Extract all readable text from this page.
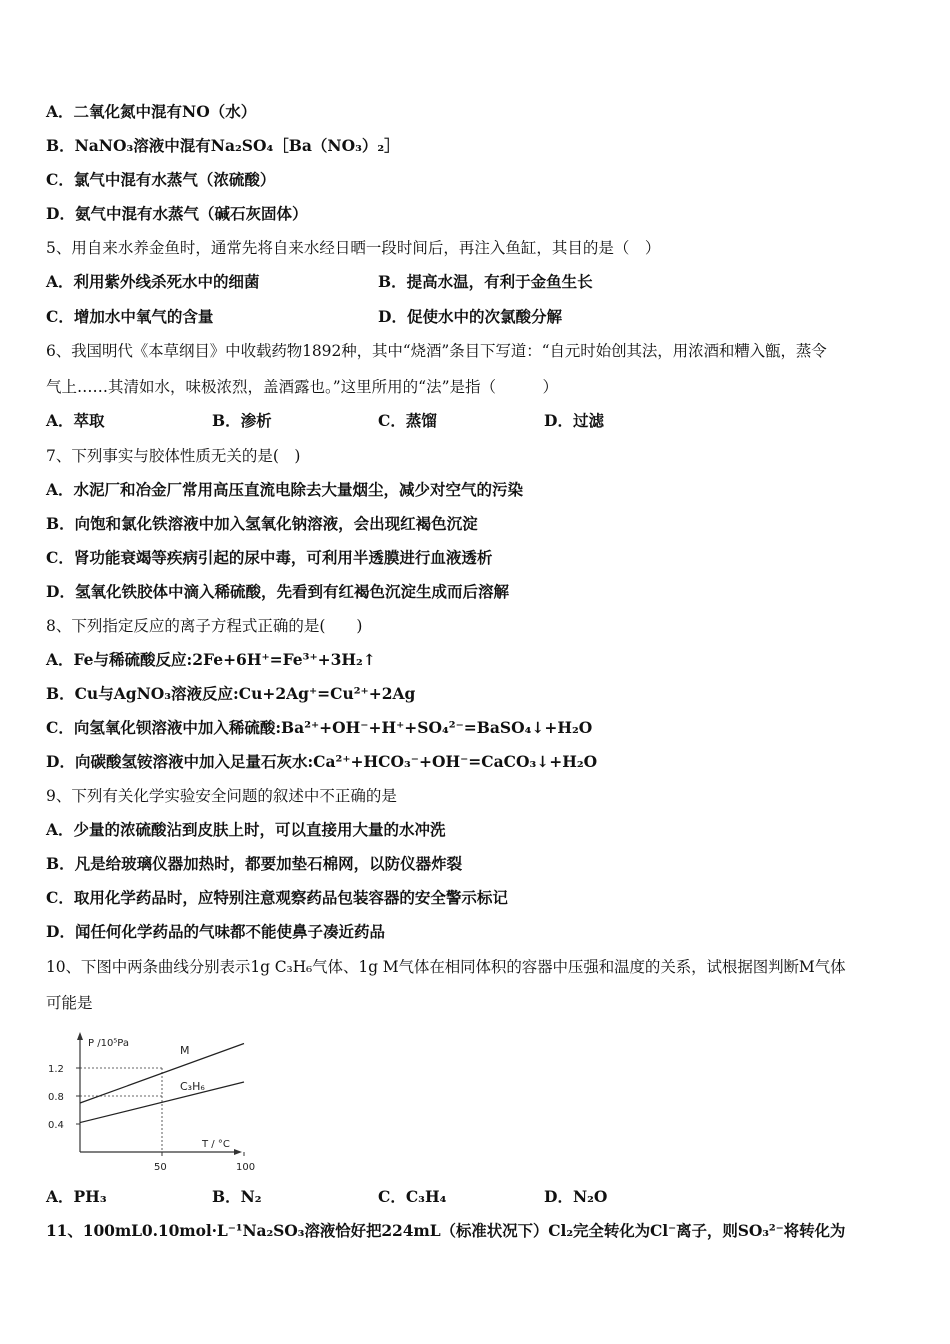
A．二氧化氮中混有NO（水）
B．NaNO₃溶液中混有Na₂SO₄［Ba（NO₃）₂］
C．氯气中混有水蒸气（浓硫酸）
D．氨气中混有水蒸气（碱石灰固体）
5、用自来水养金鱼时，通常先将自来水经日晒一段时间后，再注入鱼缸，其目的是（　）
A．利用紫外线杀死水中的细菌	B．提高水温，有利于金鱼生长
C．增加水中氧气的含量	D．促使水中的次氯酸分解
6、我国明代《本草纲目》中收载药物1892种，其中“烧酒”条目下写道：“自元时始创其法，用浓酒和糟入甑，蒸令
气上……其清如水，味极浓烈，盖酒露也。”这里所用的“法”是指（　　　）
A．萃取	B．渗析	C．蒸馏	D．过滤
7、下列事实与胶体性质无关的是(　)
A．水泥厂和冶金厂常用高压直流电除去大量烟尘，减少对空气的污染
B．向饱和氯化铁溶液中加入氢氧化钠溶液，会出现红褐色沉淀
C．肾功能衰竭等疾病引起的尿中毒，可利用半透膜进行血液透析
D．氢氧化铁胶体中滴入稀硫酸，先看到有红褐色沉淀生成而后溶解
8、下列指定反应的离子方程式正确的是(　　)
A．Fe与稀硫酸反应:2Fe+6H⁺=Fe³⁺+3H₂↑
B．Cu与AgNO₃溶液反应:Cu+2Ag⁺=Cu²⁺+2Ag
C．向氢氧化钡溶液中加入稀硫酸:Ba²⁺+OH⁻+H⁺+SO₄²⁻=BaSO₄↓+H₂O
D．向碳酸氢铵溶液中加入足量石灰水:Ca²⁺+HCO₃⁻+OH⁻=CaCO₃↓+H₂O
9、下列有关化学实验安全问题的叙述中不正确的是
A．少量的浓硫酸沾到皮肤上时，可以直接用大量的水冲洗
B．凡是给玻璃仪器加热时，都要加垫石棉网，以防仪器炸裂
C．取用化学药品时，应特别注意观察药品包装容器的安全警示标记
D．闻任何化学药品的气味都不能使鼻子凑近药品
10、下图中两条曲线分别表示1g C₃H₆气体、1g M气体在相同体积的容器中压强和温度的关系，试根据图判断M气体
可能是
P /10⁵Pa
T / °C
1.2
0.8
0.4
50	100
M
C₃H₆
A．PH₃	B．N₂	C．C₃H₄	D．N₂O
11、100mL0.10mol·L⁻¹Na₂SO₃溶液恰好把224mL（标准状况下）Cl₂完全转化为Cl⁻离子，则SO₃²⁻将转化为
